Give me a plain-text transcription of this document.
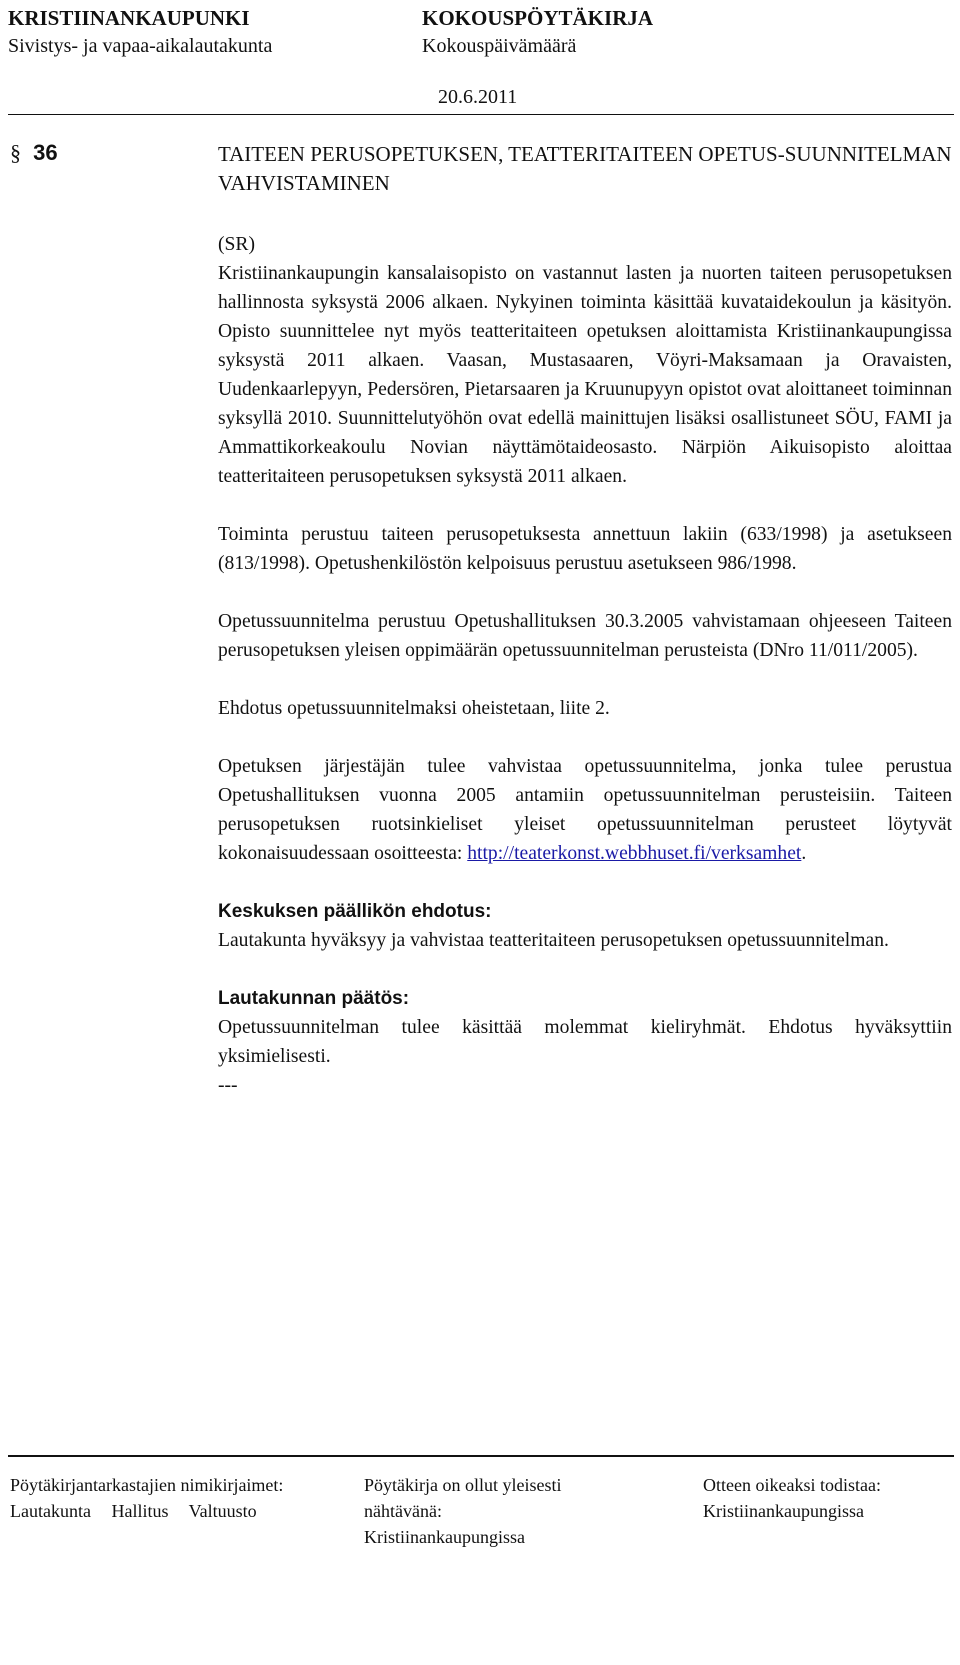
KRISTIINANKAUPUNKI	KOKOUSPÖYTÄKIRJA
Sivistys- ja vapaa-aikalautakunta	Kokouspäivämäärä
20.6.2011
§ 36	TAITEEN PERUSOPETUKSEN, TEATTERITAITEEN OPETUS-SUUNNITELMAN VAHVISTAMINEN

(SR)

Kristiinankaupungin kansalaisopisto on vastannut lasten ja nuorten taiteen perusopetuksen hallinnosta syksystä 2006 alkaen. Nykyinen toiminta käsittää kuvataidekoulun ja käsityön. Opisto suunnittelee nyt myös teatteritaiteen opetuksen aloittamista Kristiinankaupungissa syksystä 2011 alkaen. Vaasan, Mustasaaren, Vöyri-Maksamaan ja Oravaisten, Uudenkaarlepyyn, Pedersören, Pietarsaaren ja Kruunupyyn opistot ovat aloittaneet toiminnan syksyllä 2010. Suunnittelutyöhön ovat edellä mainittujen lisäksi osallistuneet SÖU, FAMI ja Ammattikorkeakoulu Novian näyttämötaideosasto. Närpiön Aikuisopisto aloittaa teatteritaiteen perusopetuksen syksystä 2011 alkaen.

Toiminta perustuu taiteen perusopetuksesta annettuun lakiin (633/1998) ja asetukseen (813/1998). Opetushenkilöstön kelpoisuus perustuu asetukseen 986/1998.

Opetussuunnitelma perustuu Opetushallituksen 30.3.2005 vahvistamaan ohjeeseen Taiteen perusopetuksen yleisen oppimäärän opetussuunnitelman perusteista (DNro 11/011/2005).

Ehdotus opetussuunnitelmaksi oheistetaan, liite 2.

Opetuksen järjestäjän tulee vahvistaa opetussuunnitelma, jonka tulee perustua Opetushallituksen vuonna 2005 antamiin opetussuunnitelman perusteisiin. Taiteen perusopetuksen ruotsinkieliset yleiset opetussuunnitelman perusteet löytyvät kokonaisuudessaan osoitteesta: http://teaterkonst.webbhuset.fi/verksamhet.

Keskuksen päällikön ehdotus:

Lautakunta hyväksyy ja vahvistaa teatteritaiteen perusopetuksen opetussuunnitelman.

Lautakunnan päätös:

Opetussuunnitelman tulee käsittää molemmat kieliryhmät. Ehdotus hyväksyttiin yksimielisesti.

---

Pöytäkirjantarkastajien nimikirjaimet:
Lautakunta Hallitus Valtuusto
Pöytäkirja on ollut yleisesti
nähtävänä:
Kristiinankaupungissa
Otteen oikeaksi todistaa:
Kristiinankaupungissa
